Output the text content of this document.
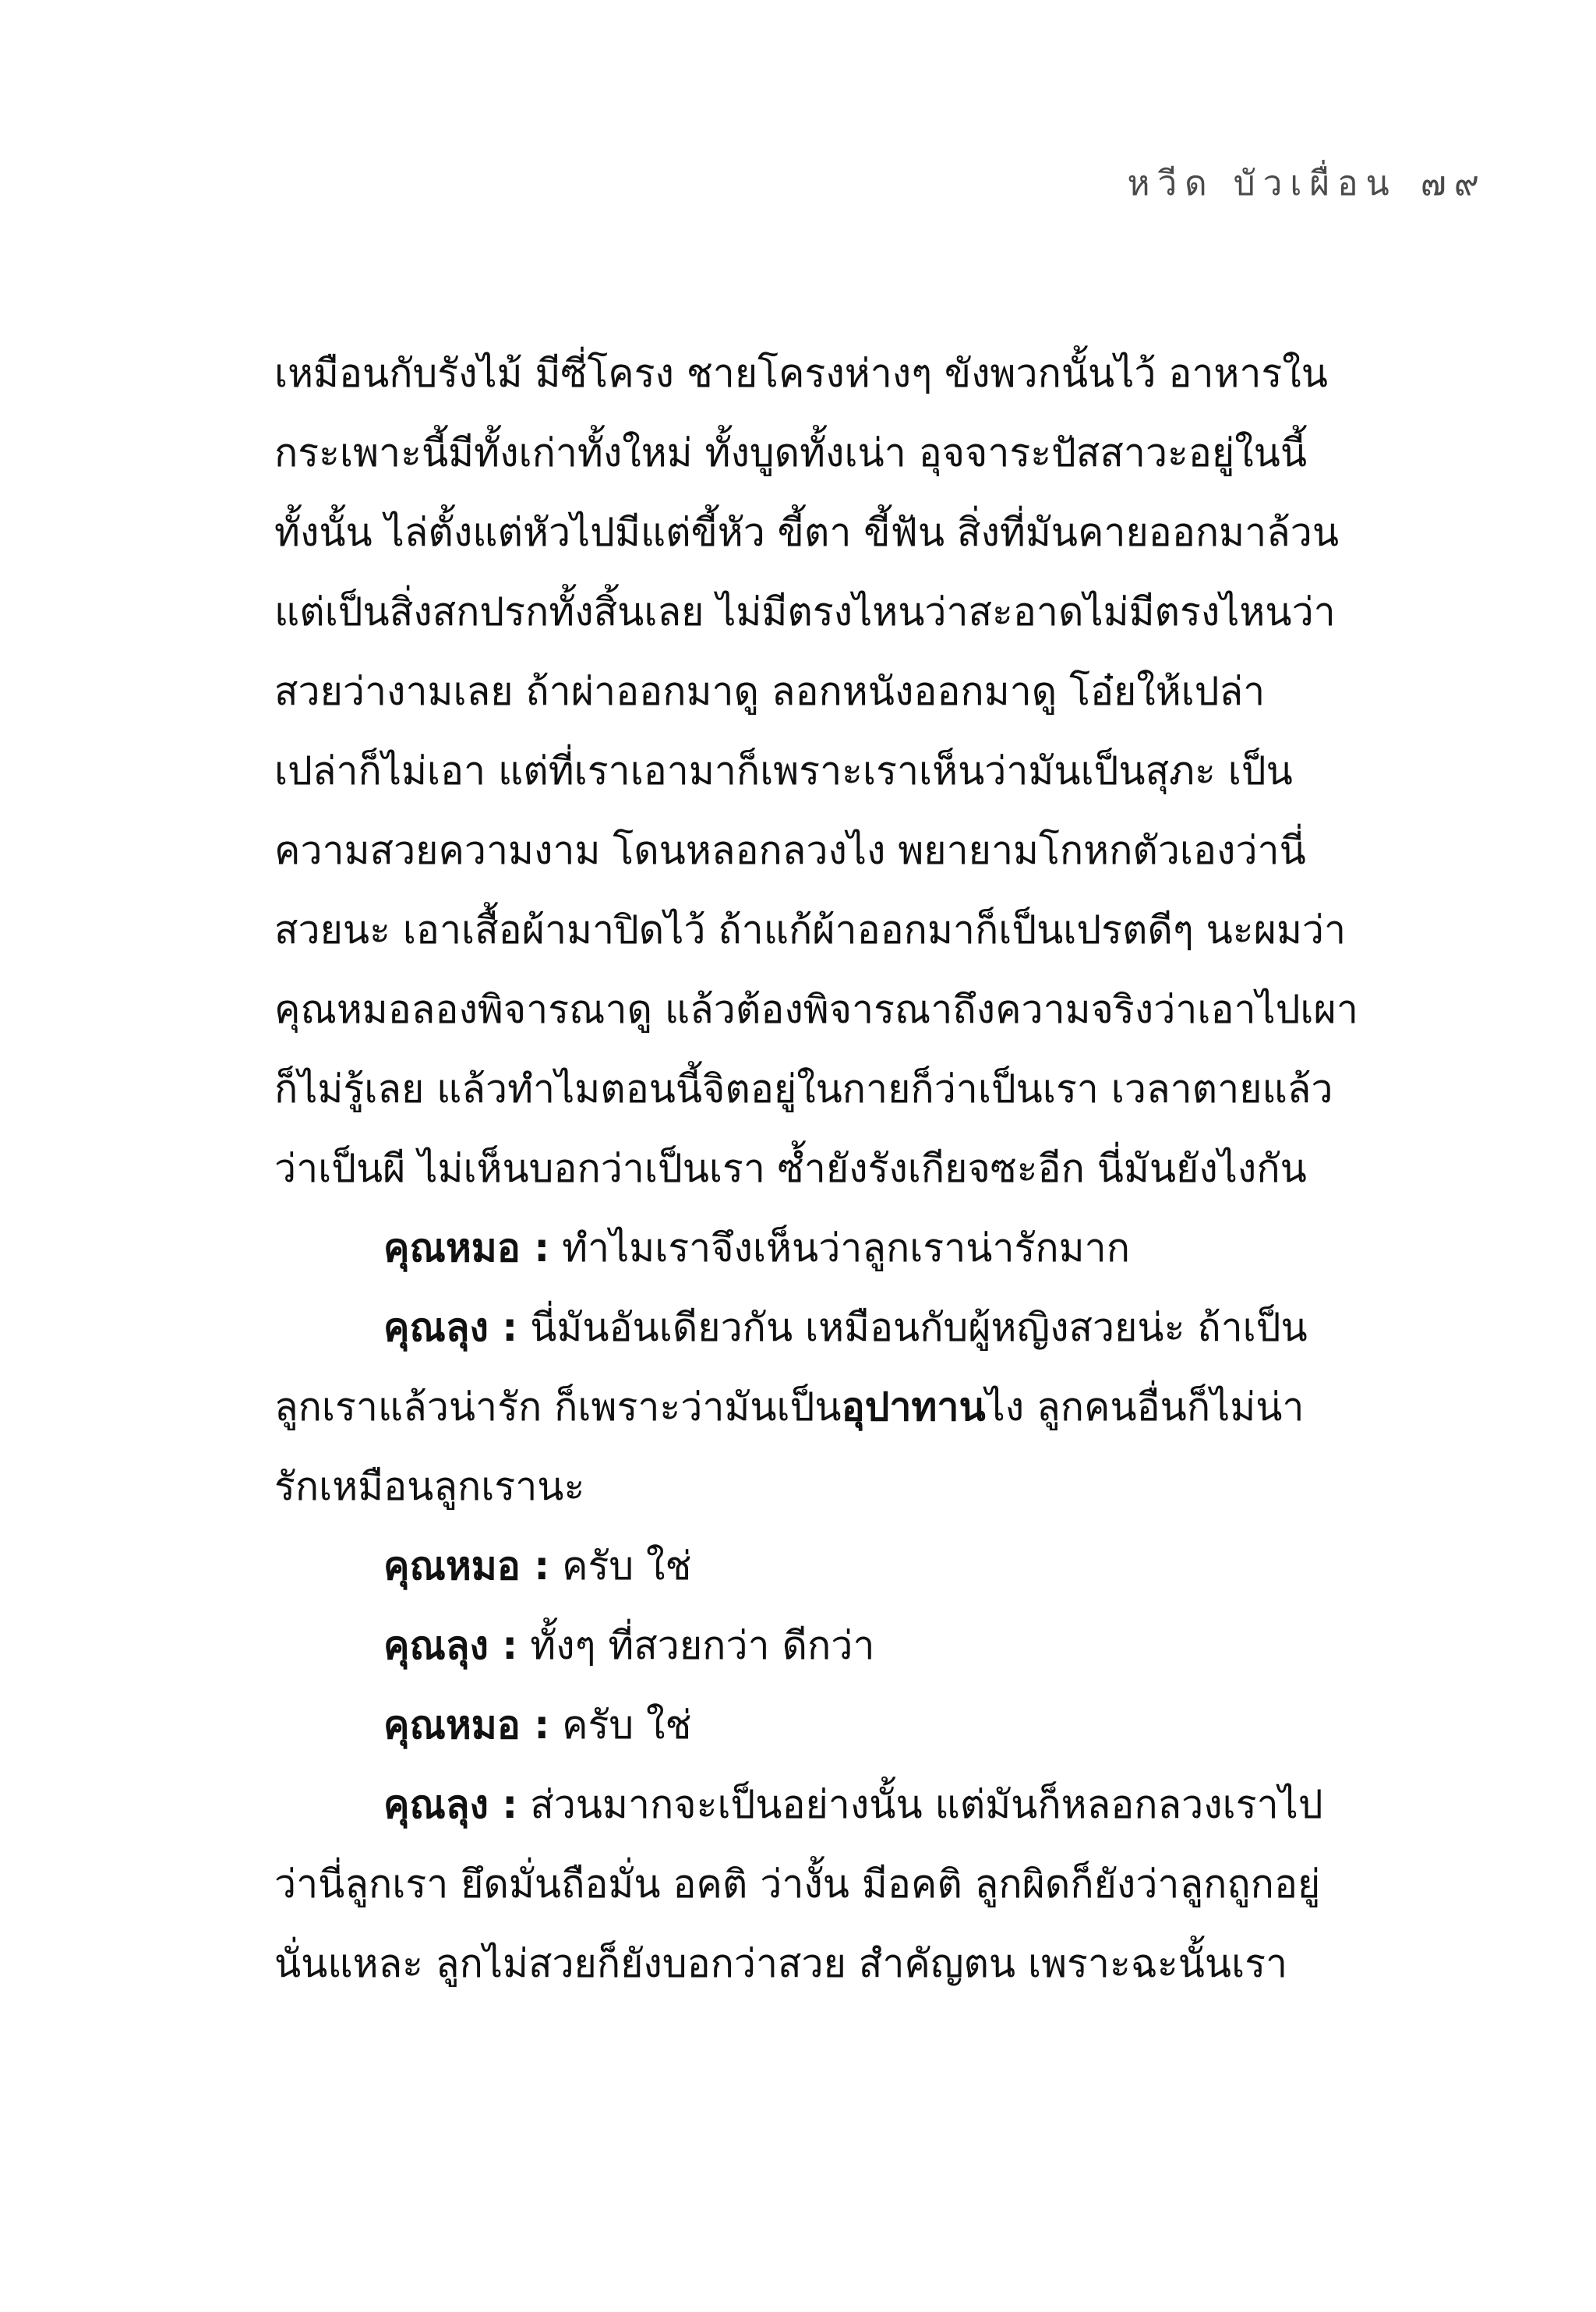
หวีด บัวเผื่อน ๗๙
เหมือนกับรังไม้ มีซี่โครง ชายโครงห่างๆ ขังพวกนั้นไว้ อาหารใน
กระเพาะนี้มีทั้งเก่าทั้งใหม่ ทั้งบูดทั้งเน่า อุจจาระปัสสาวะอยู่ในนี้
ทั้งนั้น ไล่ตั้งแต่หัวไปมีแต่ขี้หัว ขี้ตา ขี้ฟัน สิ่งที่มันคายออกมาล้วน
แต่เป็นสิ่งสกปรกทั้งสิ้นเลย ไม่มีตรงไหนว่าสะอาดไม่มีตรงไหนว่า
สวยว่างามเลย ถ้าผ่าออกมาดู ลอกหนังออกมาดู โอ๋ยให้เปล่า
เปล่าก็ไม่เอา แต่ที่เราเอามาก็เพราะเราเห็นว่ามันเป็นสุภะ เป็น
ความสวยความงาม โดนหลอกลวงไง พยายามโกหกตัวเองว่านี่
สวยนะ เอาเสื้อผ้ามาปิดไว้ ถ้าแก้ผ้าออกมาก็เป็นเปรตดีๆ นะผมว่า
คุณหมอลองพิจารณาดู แล้วต้องพิจารณาถึงความจริงว่าเอาไปเผา
ก็ไม่รู้เลย แล้วทำไมตอนนี้จิตอยู่ในกายก็ว่าเป็นเรา เวลาตายแล้ว
ว่าเป็นผี ไม่เห็นบอกว่าเป็นเรา ซ้ำยังรังเกียจซะอีก นี่มันยังไงกัน
คุณหมอ : ทำไมเราจึงเห็นว่าลูกเราน่ารักมาก
คุณลุง : นี่มันอันเดียวกัน เหมือนกับผู้หญิงสวยน่ะ ถ้าเป็น
ลูกเราแล้วน่ารัก ก็เพราะว่ามันเป็นอุปาทานไง ลูกคนอื่นก็ไม่น่า
รักเหมือนลูกเรานะ
คุณหมอ : ครับ ใช่
คุณลุง : ทั้งๆ ที่สวยกว่า ดีกว่า
คุณหมอ : ครับ ใช่
คุณลุง : ส่วนมากจะเป็นอย่างนั้น แต่มันก็หลอกลวงเราไป
ว่านี่ลูกเรา ยึดมั่นถือมั่น อคติ ว่างั้น มีอคติ ลูกผิดก็ยังว่าลูกถูกอยู่
นั่นแหละ ลูกไม่สวยก็ยังบอกว่าสวย สำคัญตน เพราะฉะนั้นเรา
